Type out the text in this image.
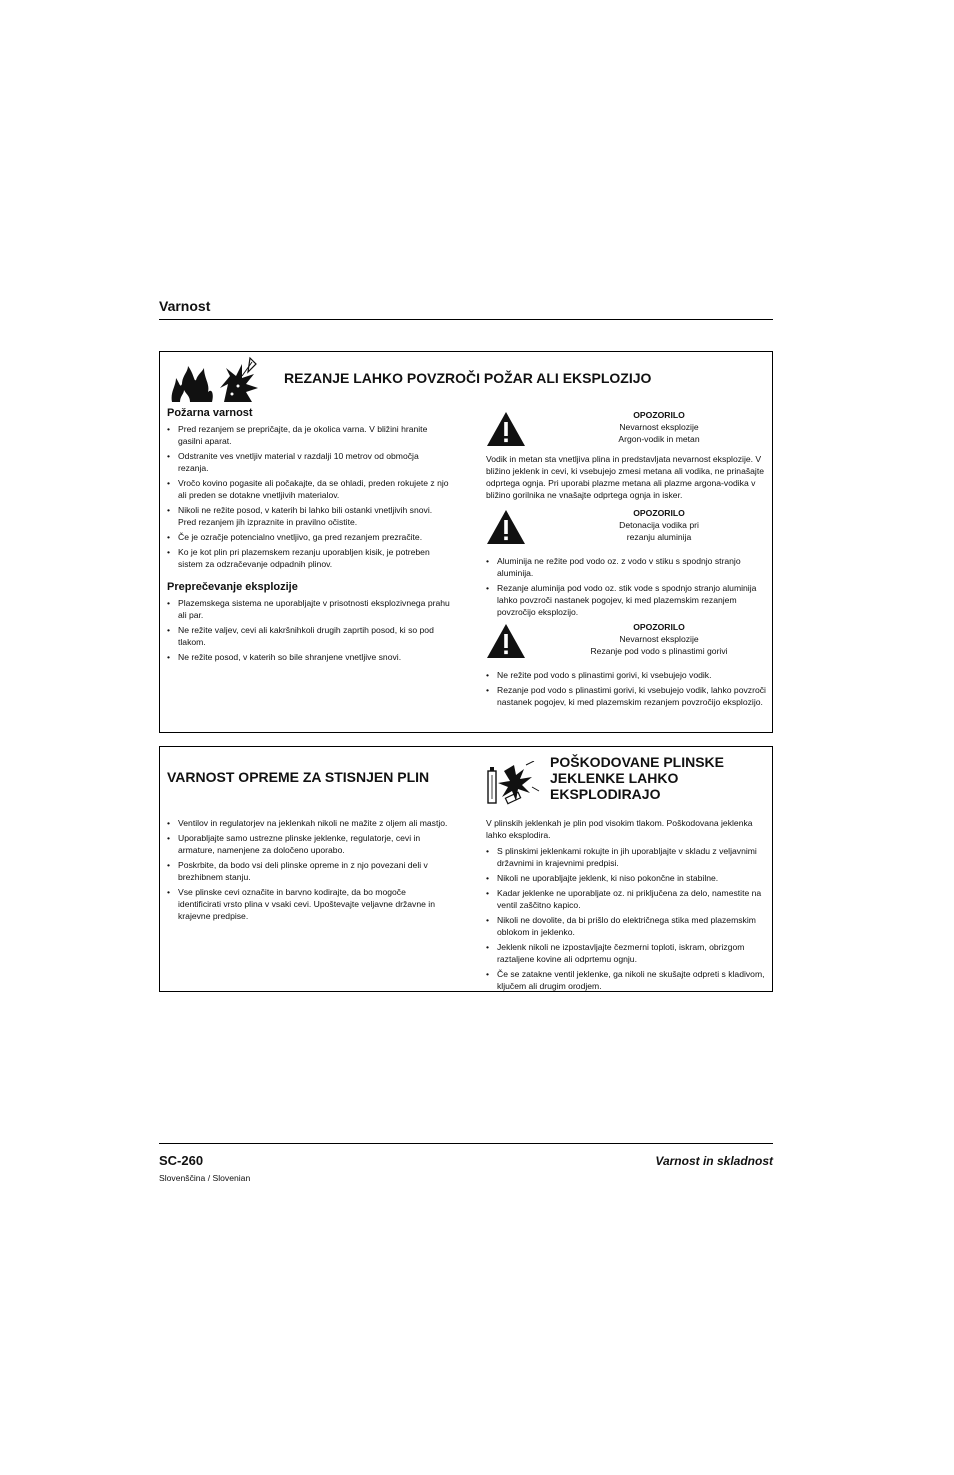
Varnost
REZANJE LAHKO POVZROČI POŽAR ALI EKSPLOZIJO
Požarna varnost
• Pred rezanjem se prepričajte, da je okolica varna. V bližini hranite gasilni aparat.
• Odstranite ves vnetljiv material v razdalji 10 metrov od območja rezanja.
• Vročo kovino pogasite ali počakajte, da se ohladi, preden rokujete z njo ali preden se dotakne vnetljivih materialov.
• Nikoli ne režite posod, v katerih bi lahko bili ostanki vnetljivih snovi. Pred rezanjem jih izpraznite in pravilno očistite.
• Če je ozračje potencialno vnetljivo, ga pred rezanjem prezračite.
• Ko je kot plin pri plazemskem rezanju uporabljen kisik, je potreben sistem za odzračevanje odpadnih plinov.
Preprečevanje eksplozije
• Plazemskega sistema ne uporabljajte v prisotnosti eksplozivnega prahu ali par.
• Ne režite valjev, cevi ali kakršnihkoli drugih zaprtih posod, ki so pod tlakom.
• Ne režite posod, v katerih so bile shranjene vnetljive snovi.
OPOZORILO
Nevarnost eksplozije
Argon-vodik in metan

Vodik in metan sta vnetljiva plina in predstavljata nevarnost eksplozije. V bližino jeklenk in cevi, ki vsebujejo zmesi metana ali vodika, ne prinašajte odprtega ognja. Pri uporabi plazme metana ali plazme argona-vodika v bližino gorilnika ne vnašajte odprtega ognja in isker.

OPOZORILO
Detonacija vodika pri
rezanju aluminija
• Aluminija ne režite pod vodo oz. z vodo v stiku s spodnjo stranjo aluminija.
• Rezanje aluminija pod vodo oz. stik vode s spodnjo stranjo aluminija lahko povzroči nastanek pogojev, ki med plazemskim rezanjem povzročijo eksplozijo.
OPOZORILO
Nevarnost eksplozije
Rezanje pod vodo s plinastimi gorivi
• Ne režite pod vodo s plinastimi gorivi, ki vsebujejo vodik.
• Rezanje pod vodo s plinastimi gorivi, ki vsebujejo vodik, lahko povzroči nastanek pogojev, ki med plazemskim rezanjem povzročijo eksplozijo.
VARNOST OPREME ZA STISNJEN PLIN
• Ventilov in regulatorjev na jeklenkah nikoli ne mažite z oljem ali mastjo.
• Uporabljajte samo ustrezne plinske jeklenke, regulatorje, cevi in armature, namenjene za določeno uporabo.
• Poskrbite, da bodo vsi deli plinske opreme in z njo povezani deli v brezhibnem stanju.
• Vse plinske cevi označite in barvno kodirajte, da bo mogoče identificirati vrsto plina v vsaki cevi. Upoštevajte veljavne državne in krajevne predpise.
POŠKODOVANE PLINSKE
JEKLENKE LAHKO
EKSPLODIRAJO

V plinskih jeklenkah je plin pod visokim tlakom. Poškodovana jeklenka lahko eksplodira.

• S plinskimi jeklenkami rokujte in jih uporabljajte v skladu z veljavnimi državnimi in krajevnimi predpisi.
• Nikoli ne uporabljajte jeklenk, ki niso pokončne in stabilne.
• Kadar jeklenke ne uporabljate oz. ni priključena za delo, namestite na ventil zaščitno kapico.
• Nikoli ne dovolite, da bi prišlo do električnega stika med plazemskim oblokom in jeklenko.
• Jeklenk nikoli ne izpostavljajte čezmerni toploti, iskram, obrizgom raztaljene kovine ali odprtemu ognju.
• Če se zatakne ventil jeklenke, ga nikoli ne skušajte odpreti s kladivom, ključem ali drugim orodjem.
SC-260	Varnost in skladnost
Slovenščina / Slovenian
